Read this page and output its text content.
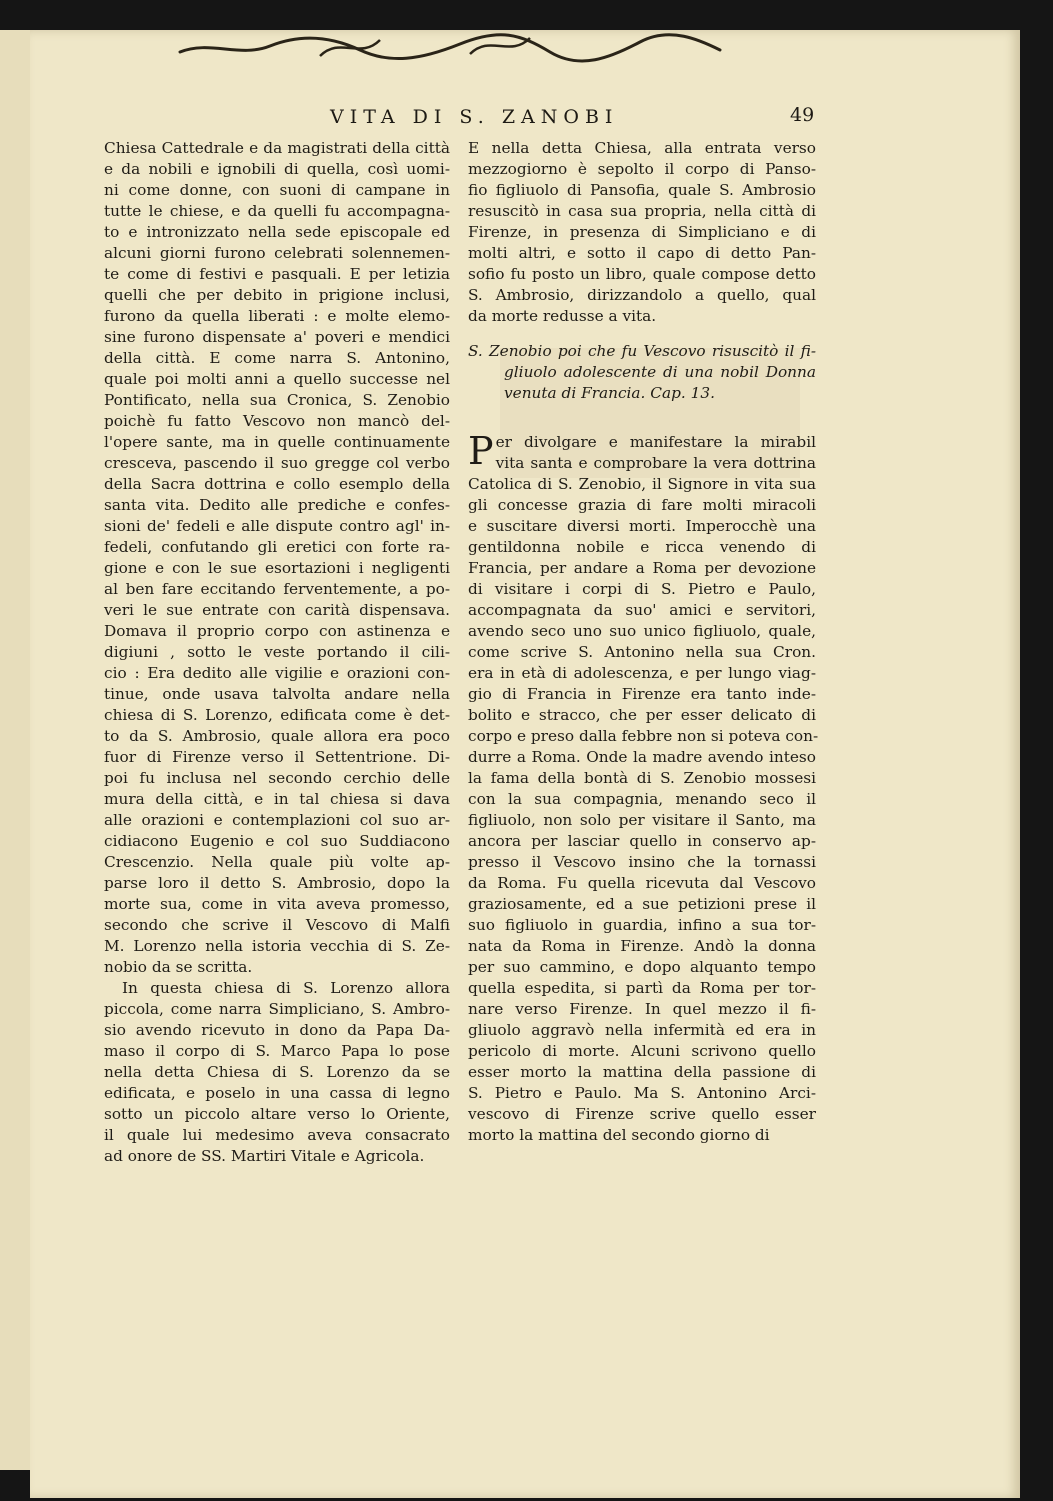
VITA DI S. ZANOBI	49
Chiesa Cattedrale e da magistrati della città
e da nobili e ignobili di quella, così uomi-
ni come donne, con suoni di campane in
tutte le chiese, e da quelli fu accompagna-
to e intronizzato nella sede episcopale ed
alcuni giorni furono celebrati solennemen-
te come di festivi e pasquali. E per letizia
quelli che per debito in prigione inclusi,
furono da quella liberati : e molte elemo-
sine furono dispensate a' poveri e mendici
della città. E come narra S. Antonino,
quale poi molti anni a quello successe nel
Pontificato, nella sua Cronica, S. Zenobio
poichè fu fatto Vescovo non mancò del-
l'opere sante, ma in quelle continuamente
cresceva, pascendo il suo gregge col verbo
della Sacra dottrina e collo esemplo della
santa vita. Dedito alle prediche e confes-
sioni de' fedeli e alle dispute contro agl' in-
fedeli, confutando gli eretici con forte ra-
gione e con le sue esortazioni i negligenti
al ben fare eccitando ferventemente, a po-
veri le sue entrate con carità dispensava.
Domava il proprio corpo con astinenza e
digiuni , sotto le veste portando il cili-
cio : Era dedito alle vigilie e orazioni con-
tinue, onde usava talvolta andare nella
chiesa di S. Lorenzo, edificata come è det-
to da S. Ambrosio, quale allora era poco
fuor di Firenze verso il Settentrione. Di-
poi fu inclusa nel secondo cerchio delle
mura della città, e in tal chiesa si dava
alle orazioni e contemplazioni col suo ar-
cidiacono Eugenio e col suo Suddiacono
Crescenzio. Nella quale più volte ap-
parse loro il detto S. Ambrosio, dopo la
morte sua, come in vita aveva promesso,
secondo che scrive il Vescovo di Malfi
M. Lorenzo nella istoria vecchia di S. Ze-
nobio da se scritta.
In questa chiesa di S. Lorenzo allora
piccola, come narra Simpliciano, S. Ambro-
sio avendo ricevuto in dono da Papa Da-
maso il corpo di S. Marco Papa lo pose
nella detta Chiesa di S. Lorenzo da se
edificata, e poselo in una cassa di legno
sotto un piccolo altare verso lo Oriente,
il quale lui medesimo aveva consacrato
ad onore de SS. Martiri Vitale e Agricola.
E nella detta Chiesa, alla entrata verso
mezzogiorno è sepolto il corpo di Panso-
fio figliuolo di Pansofia, quale S. Ambrosio
resuscitò in casa sua propria, nella città di
Firenze, in presenza di Simpliciano e di
molti altri, e sotto il capo di detto Pan-
sofio fu posto un libro, quale compose detto
S. Ambrosio, dirizzandolo a quello, qual
da morte redusse a vita.
S. Zenobio poi che fu Vescovo risuscitò il fi-
gliuolo adolescente di una nobil Donna
venuta di Francia. Cap. 13.
P er divolgare e manifestare la mirabil
vita santa e comprobare la vera dottrina
Catolica di S. Zenobio, il Signore in vita sua
gli concesse grazia di fare molti miracoli
e suscitare diversi morti. Imperocchè una
gentildonna nobile e ricca venendo di
Francia, per andare a Roma per devozione
di visitare i corpi di S. Pietro e Paulo,
accompagnata da suo' amici e servitori,
avendo seco uno suo unico figliuolo, quale,
come scrive S. Antonino nella sua Cron.
era in età di adolescenza, e per lungo viag-
gio di Francia in Firenze era tanto inde-
bolito e stracco, che per esser delicato di
corpo e preso dalla febbre non si poteva con-
durre a Roma. Onde la madre avendo inteso
la fama della bontà di S. Zenobio mossesi
con la sua compagnia, menando seco il
figliuolo, non solo per visitare il Santo, ma
ancora per lasciar quello in conservo ap-
presso il Vescovo insino che la tornassi
da Roma. Fu quella ricevuta dal Vescovo
graziosamente, ed a sue petizioni prese il
suo figliuolo in guardia, infino a sua tor-
nata da Roma in Firenze. Andò la donna
per suo cammino, e dopo alquanto tempo
quella espedita, si partì da Roma per tor-
nare verso Firenze. In quel mezzo il fi-
gliuolo aggravò nella infermità ed era in
pericolo di morte. Alcuni scrivono quello
esser morto la mattina della passione di
S. Pietro e Paulo. Ma S. Antonino Arci-
vescovo di Firenze scrive quello esser
morto la mattina del secondo giorno di
